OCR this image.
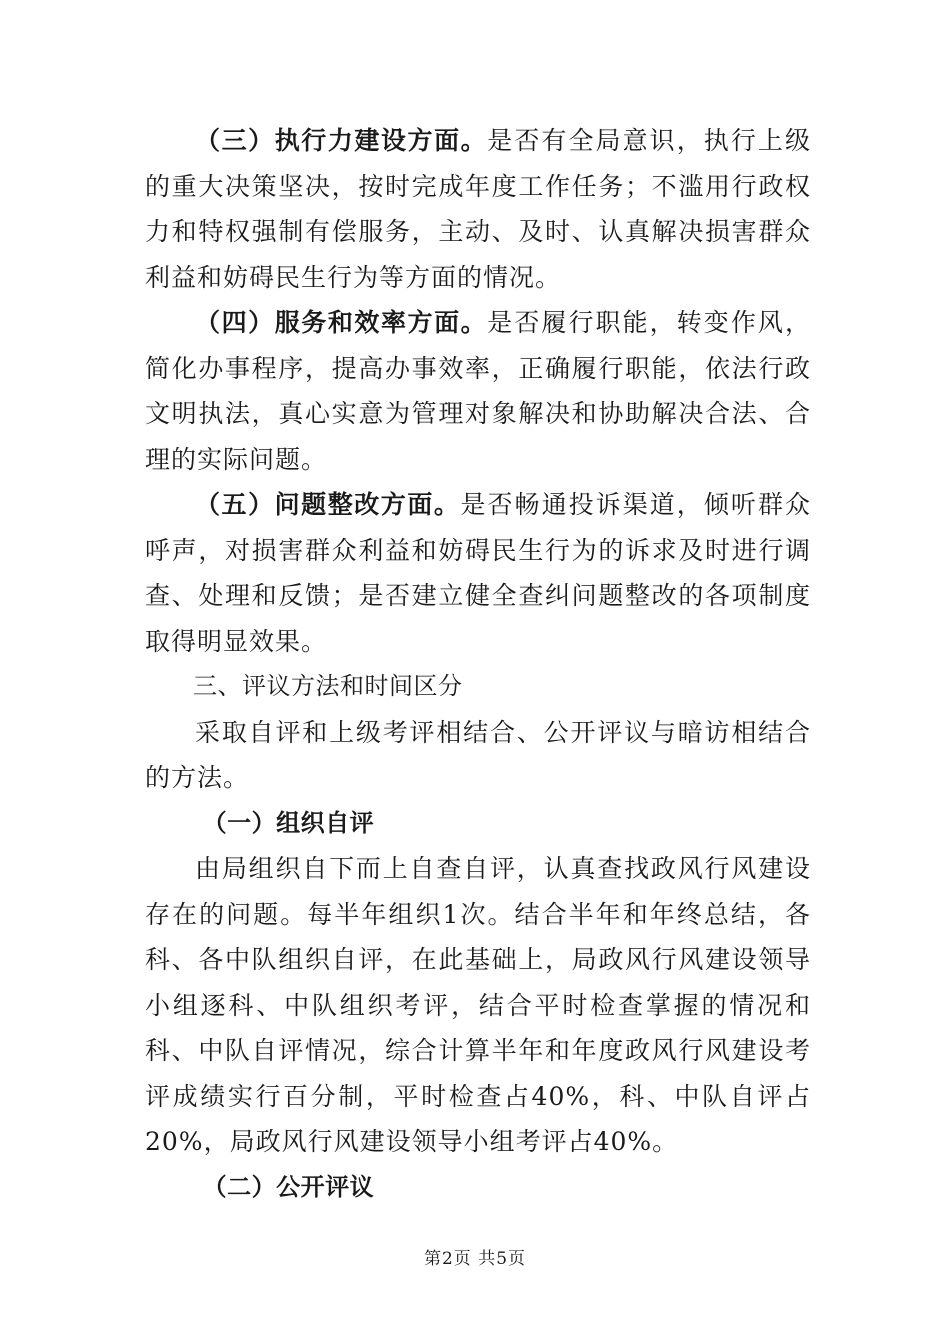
（三）执行力建设方面。是否有全局意识，执行上级的重大决策坚决，按时完成年度工作任务；不滥用行政权力和特权强制有偿服务，主动、及时、认真解决损害群众利益和妨碍民生行为等方面的情况。

（四）服务和效率方面。是否履行职能，转变作风，简化办事程序，提高办事效率，正确履行职能，依法行政文明执法，真心实意为管理对象解决和协助解决合法、合理的实际问题。

（五）问题整改方面。是否畅通投诉渠道，倾听群众呼声，对损害群众利益和妨碍民生行为的诉求及时进行调查、处理和反馈；是否建立健全查纠问题整改的各项制度取得明显效果。

三、评议方法和时间区分

采取自评和上级考评相结合、公开评议与暗访相结合的方法。

（一）组织自评

由局组织自下而上自查自评，认真查找政风行风建设存在的问题。每半年组织1次。结合半年和年终总结，各科、各中队组织自评，在此基础上，局政风行风建设领导小组逐科、中队组织考评，结合平时检查掌握的情况和科、中队自评情况，综合计算半年和年度政风行风建设考评成绩实行百分制，平时检查占40%，科、中队自评占20%，局政风行风建设领导小组考评占40%。

（二）公开评议

第2页 共5页
